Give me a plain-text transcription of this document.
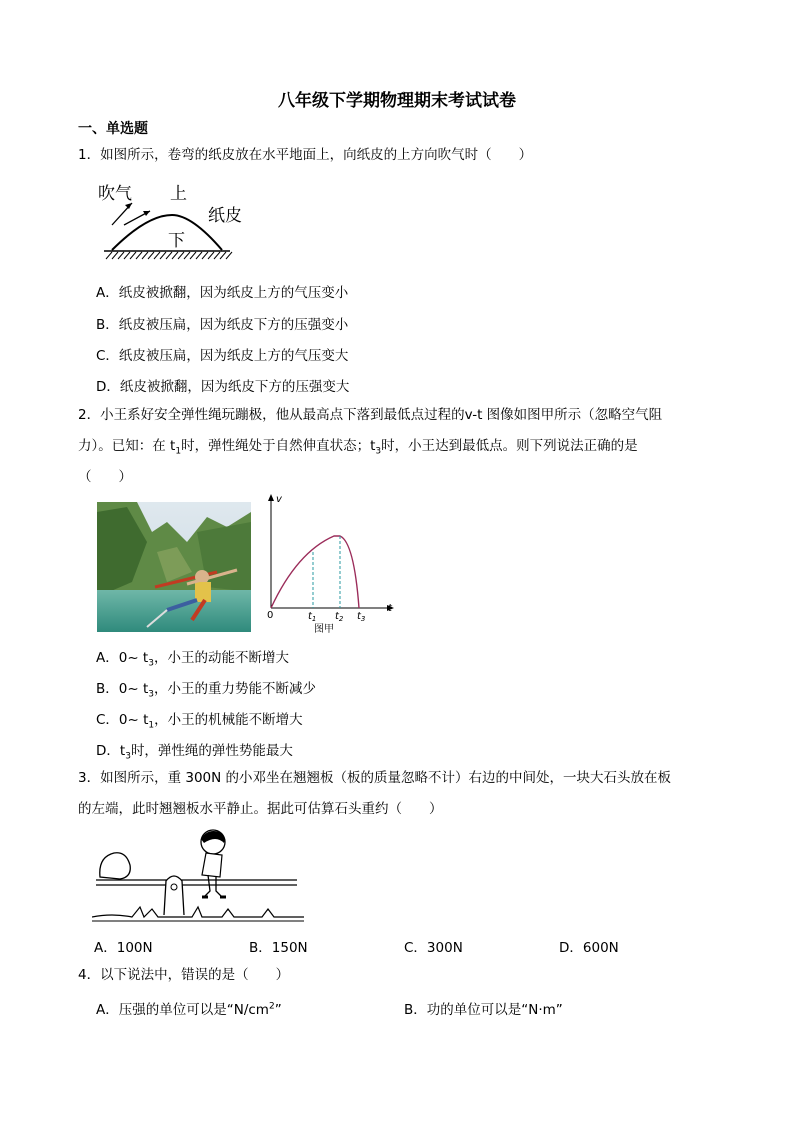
八年级下学期物理期末考试试卷
一、单选题
1．如图所示，卷弯的纸皮放在水平地面上，向纸皮的上方向吹气时（　　）
吹气 上
纸皮
下
A．纸皮被掀翻，因为纸皮上方的气压变小
B．纸皮被压扁，因为纸皮下方的压强变小
C．纸皮被压扁，因为纸皮上方的气压变大
D．纸皮被掀翻，因为纸皮下方的压强变大
2．小王系好安全弹性绳玩蹦极，他从最高点下落到最低点过程的v-t 图像如图甲所示（忽略空气阻
力）。已知：在 $t_1$时，弹性绳处于自然伸直状态；$t_3$时，小王达到最低点。则下列说法正确的是
（　　）
v
t
0	$t_1$ $t_2$ $t_3$
图甲
A．0~ $t_3$，小王的动能不断增大
B．0~ $t_3$，小王的重力势能不断减少
C．0~ $t_1$，小王的机械能不断增大
D．$t_3$时，弹性绳的弹性势能最大
3．如图所示，重 300N 的小邓坐在翘翘板（板的质量忽略不计）右边的中间处，一块大石头放在板
的左端，此时翘翘板水平静止。据此可估算石头重约（　　）
A．100N	B．150N	C．300N	D．600N
4．以下说法中，错误的是（　　）
A．压强的单位可以是“$N/cm^2$”	B．功的单位可以是“N·m”
